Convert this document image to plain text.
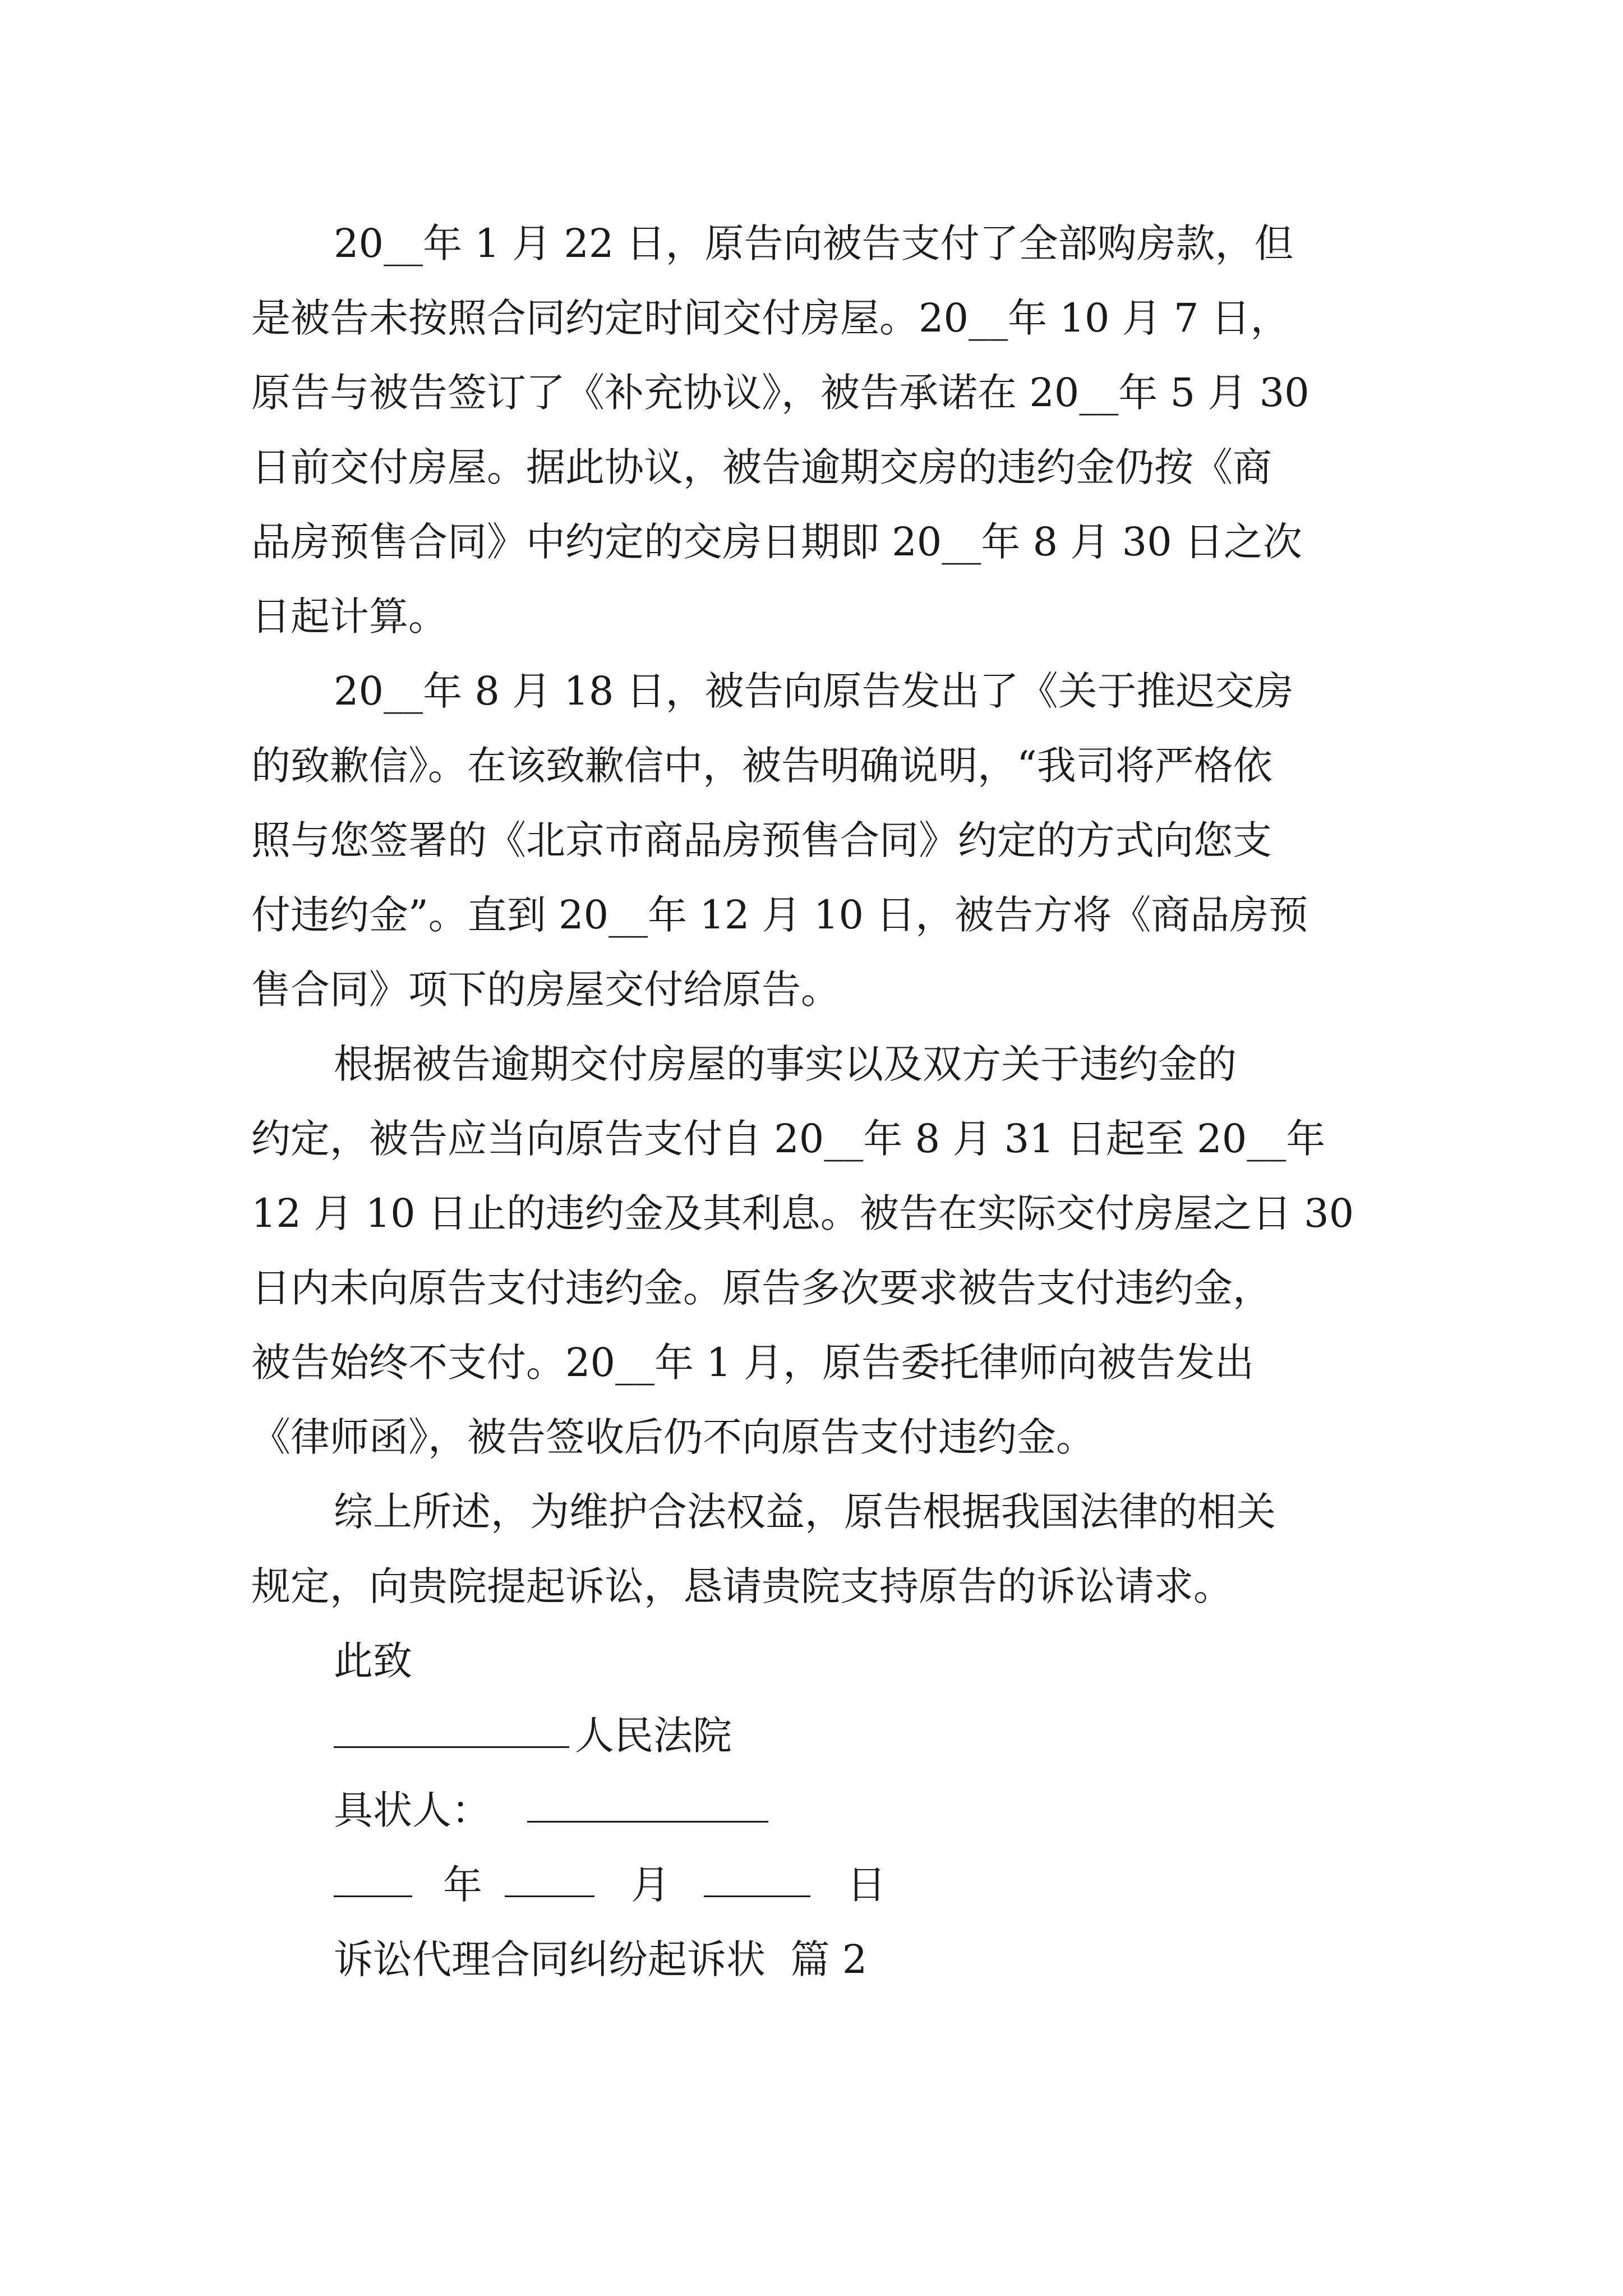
20__年 1 月 22 日，原告向被告支付了全部购房款，但
是被告未按照合同约定时间交付房屋。20__年 10 月 7 日，
原告与被告签订了《补充协议》，被告承诺在 20__年 5 月 30
日前交付房屋。据此协议，被告逾期交房的违约金仍按《商
品房预售合同》中约定的交房日期即 20__年 8 月 30 日之次
日起计算。
20__年 8 月 18 日，被告向原告发出了《关于推迟交房
的致歉信》。在该致歉信中，被告明确说明，“我司将严格依
照与您签署的《北京市商品房预售合同》约定的方式向您支
付违约金”。直到 20__年 12 月 10 日，被告方将《商品房预
售合同》项下的房屋交付给原告。
根据被告逾期交付房屋的事实以及双方关于违约金的
约定，被告应当向原告支付自 20__年 8 月 31 日起至 20__年
12 月 10 日止的违约金及其利息。被告在实际交付房屋之日 30
日内未向原告支付违约金。原告多次要求被告支付违约金，
被告始终不支付。20__年 1 月，原告委托律师向被告发出
《律师函》，被告签收后仍不向原告支付违约金。
综上所述，为维护合法权益，原告根据我国法律的相关
规定，向贵院提起诉讼，恳请贵院支持原告的诉讼请求。
此致

人民法院

具状人：

年

	月

	日

诉讼代理合同纠纷起诉状  篇 2
